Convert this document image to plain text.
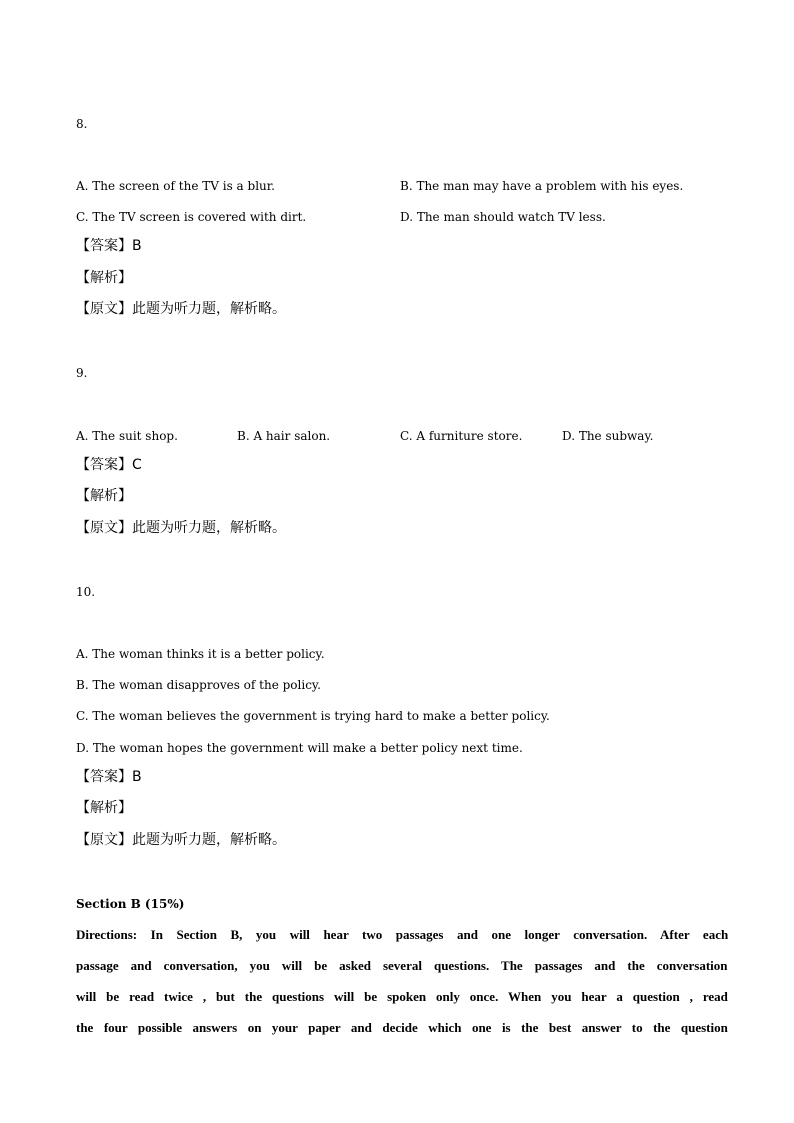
8.
A. The screen of the TV is a blur.	B. The man may have a problem with his eyes.
C. The TV screen is covered with dirt.	D. The man should watch TV less.
【答案】B
【解析】
【原文】此题为听力题，解析略。
9.
A. The suit shop.	B. A hair salon.	C. A furniture store.	D. The subway.
【答案】C
【解析】
【原文】此题为听力题，解析略。
10.
A. The woman thinks it is a better policy.
B. The woman disapproves of the policy.
C. The woman believes the government is trying hard to make a better policy.
D. The woman hopes the government will make a better policy next time.
【答案】B
【解析】
【原文】此题为听力题，解析略。
Section B (15%)
Directions: In Section B, you will hear two passages and one longer conversation. After each
passage and conversation, you will be asked several questions. The passages and the conversation
will be read twice , but the questions will be spoken only once. When you hear a question , read
the four possible answers on your paper and decide which one is the best answer to the question
